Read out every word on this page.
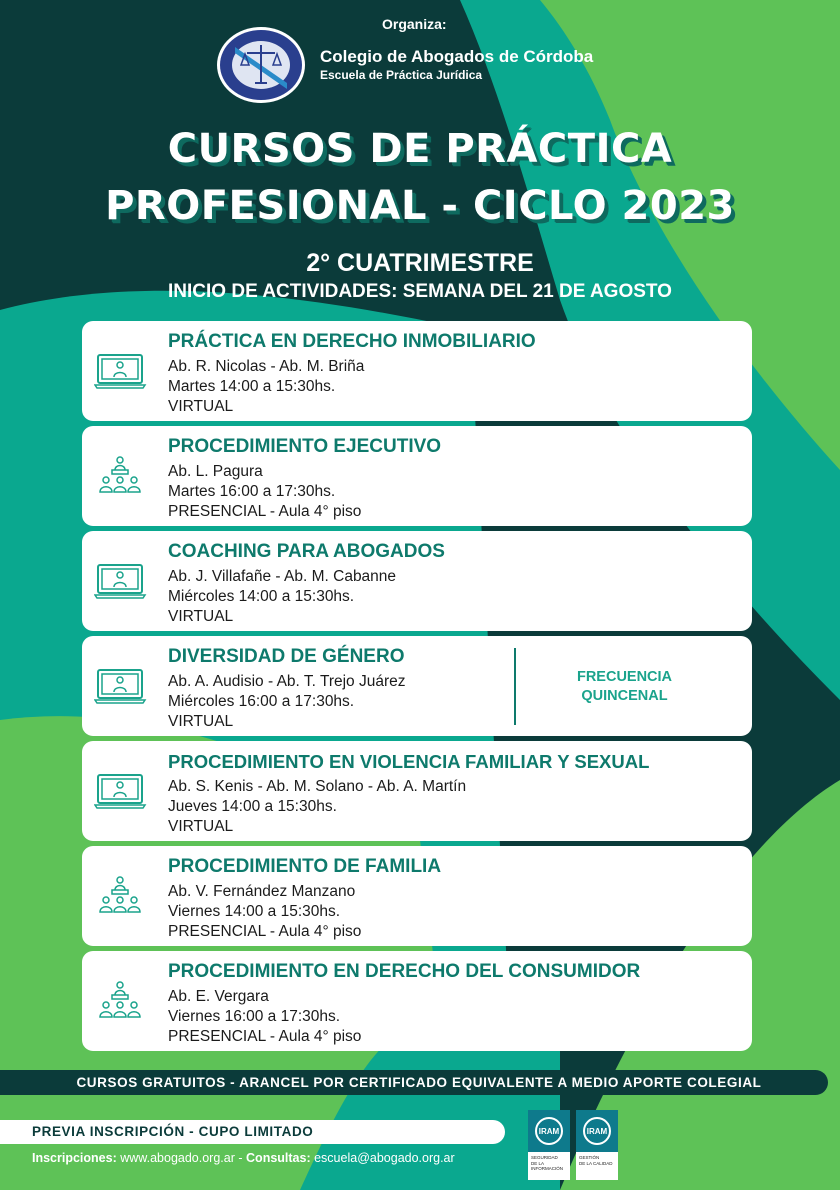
Organiza:
Colegio de Abogados de Córdoba
Escuela de Práctica Jurídica
CURSOS DE PRÁCTICA
PROFESIONAL - CICLO 2023
2° CUATRIMESTRE
INICIO DE ACTIVIDADES: SEMANA DEL 21 DE AGOSTO
PRÁCTICA EN DERECHO INMOBILIARIO
Ab. R. Nicolas - Ab. M. Briña
Martes 14:00 a 15:30hs.
VIRTUAL
PROCEDIMIENTO EJECUTIVO
Ab. L. Pagura
Martes 16:00 a 17:30hs.
PRESENCIAL - Aula 4° piso
COACHING PARA ABOGADOS
Ab. J. Villafañe - Ab. M. Cabanne
Miércoles 14:00 a 15:30hs.
VIRTUAL
DIVERSIDAD DE GÉNERO
Ab. A. Audisio - Ab. T. Trejo Juárez
Miércoles 16:00 a 17:30hs.
VIRTUAL
FRECUENCIA
QUINCENAL
PROCEDIMIENTO EN VIOLENCIA FAMILIAR Y SEXUAL
Ab. S. Kenis - Ab. M. Solano - Ab. A. Martín
Jueves 14:00 a 15:30hs.
VIRTUAL
PROCEDIMIENTO DE FAMILIA
Ab. V. Fernández Manzano
Viernes 14:00 a 15:30hs.
PRESENCIAL - Aula 4° piso
PROCEDIMIENTO EN DERECHO DEL CONSUMIDOR
Ab. E. Vergara
Viernes 16:00 a 17:30hs.
PRESENCIAL - Aula 4° piso
CURSOS GRATUITOS - ARANCEL POR CERTIFICADO EQUIVALENTE A MEDIO APORTE COLEGIAL
PREVIA INSCRIPCIÓN - CUPO LIMITADO
Inscripciones: www.abogado.org.ar - Consultas: escuela@abogado.org.ar
IRAM
SEGURIDAD
DE LA INFORMACIÓN
IRAM
GESTIÓN
DE LA CALIDAD
